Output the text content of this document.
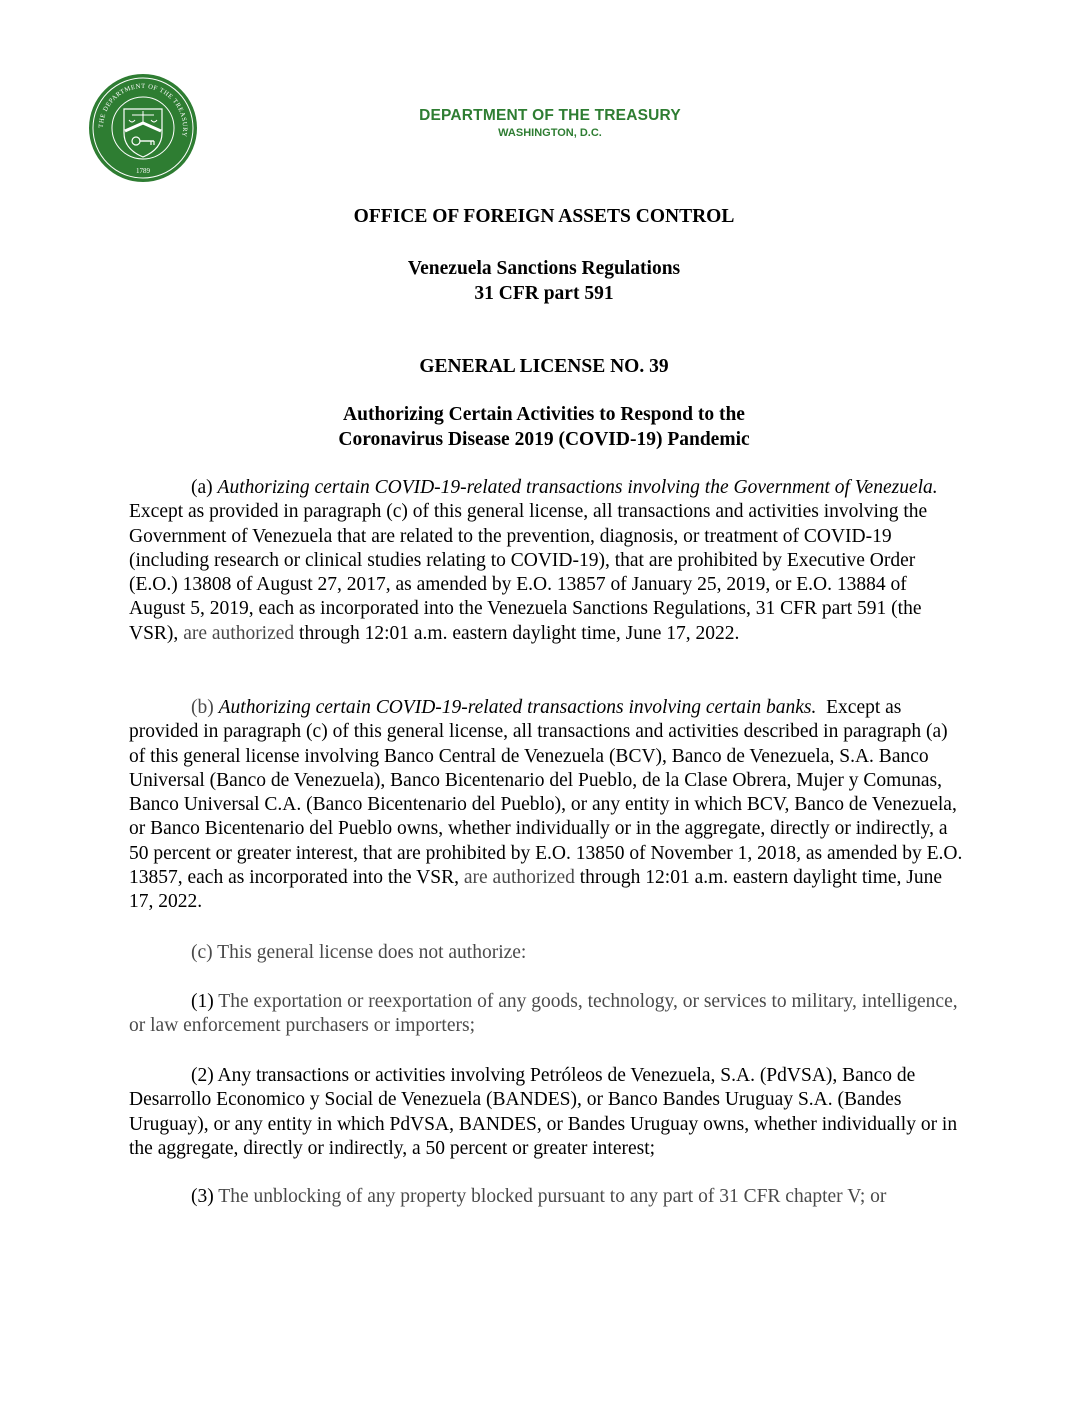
THE DEPARTMENT OF THE TREASURY
1789
DEPARTMENT OF THE TREASURY
WASHINGTON, D.C.
OFFICE OF FOREIGN ASSETS CONTROL
Venezuela Sanctions Regulations
31 CFR part 591
GENERAL LICENSE NO. 39
Authorizing Certain Activities to Respond to the
Coronavirus Disease 2019 (COVID-19) Pandemic
(a) Authorizing certain COVID-19-related transactions involving the Government of Venezuela.  Except as provided in paragraph (c) of this general license, all transactions and activities involving the Government of Venezuela that are related to the prevention, diagnosis, or treatment of COVID-19 (including research or clinical studies relating to COVID-19), that are prohibited by Executive Order (E.O.) 13808 of August 27, 2017, as amended by E.O. 13857 of January 25, 2019, or E.O. 13884 of August 5, 2019, each as incorporated into the Venezuela Sanctions Regulations, 31 CFR part 591 (the VSR), are authorized through 12:01 a.m. eastern daylight time, June 17, 2022.
(b) Authorizing certain COVID-19-related transactions involving certain banks. Except as provided in paragraph (c) of this general license, all transactions and activities described in paragraph (a) of this general license involving Banco Central de Venezuela (BCV), Banco de Venezuela, S.A. Banco Universal (Banco de Venezuela), Banco Bicentenario del Pueblo, de la Clase Obrera, Mujer y Comunas, Banco Universal C.A. (Banco Bicentenario del Pueblo), or any entity in which BCV, Banco de Venezuela, or Banco Bicentenario del Pueblo owns, whether individually or in the aggregate, directly or indirectly, a 50 percent or greater interest, that are prohibited by E.O. 13850 of November 1, 2018, as amended by E.O. 13857, each as incorporated into the VSR, are authorized through 12:01 a.m. eastern daylight time, June 17, 2022.
(c) This general license does not authorize:
(1) The exportation or reexportation of any goods, technology, or services to military, intelligence, or law enforcement purchasers or importers;
(2) Any transactions or activities involving Petróleos de Venezuela, S.A. (PdVSA), Banco de Desarrollo Economico y Social de Venezuela (BANDES), or Banco Bandes Uruguay S.A. (Bandes Uruguay), or any entity in which PdVSA, BANDES, or Bandes Uruguay owns, whether individually or in the aggregate, directly or indirectly, a 50 percent or greater interest;
(3) The unblocking of any property blocked pursuant to any part of 31 CFR chapter V; or
